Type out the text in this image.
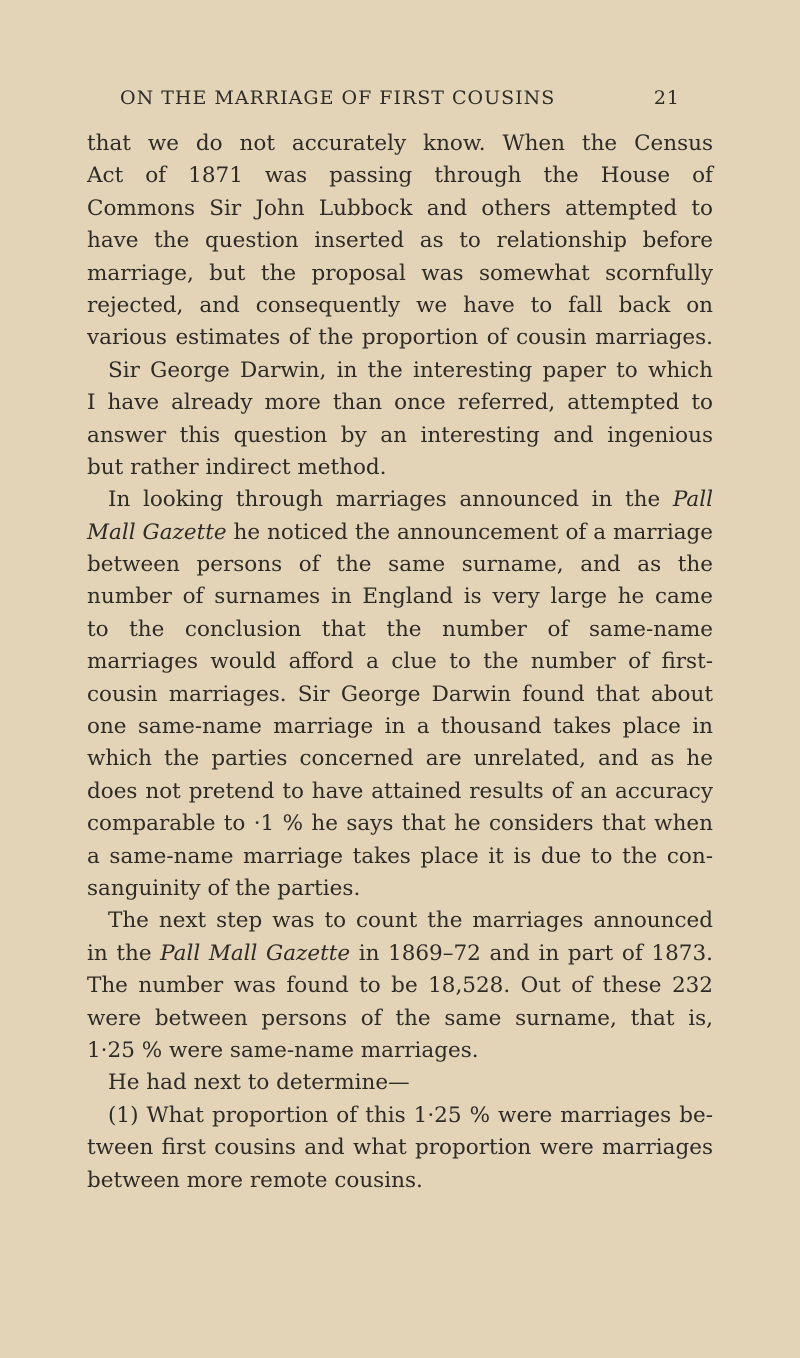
ON THE MARRIAGE OF FIRST COUSINS	21
that we do not accurately know. When the Census
Act of 1871 was passing through the House of
Commons Sir John Lubbock and others attempted to
have the question inserted as to relationship before
marriage, but the proposal was somewhat scornfully
rejected, and consequently we have to fall back on
various estimates of the proportion of cousin marriages.
Sir George Darwin, in the interesting paper to which
I have already more than once referred, attempted to
answer this question by an interesting and ingenious
but rather indirect method.
In looking through marriages announced in the Pall
Mall Gazette he noticed the announcement of a marriage
between persons of the same surname, and as the
number of surnames in England is very large he came
to the conclusion that the number of same-name
marriages would afford a clue to the number of first-
cousin marriages. Sir George Darwin found that about
one same-name marriage in a thousand takes place in
which the parties concerned are unrelated, and as he
does not pretend to have attained results of an accuracy
comparable to ·1 % he says that he considers that when
a same-name marriage takes place it is due to the con-
sanguinity of the parties.
The next step was to count the marriages announced
in the Pall Mall Gazette in 1869–72 and in part of 1873.
The number was found to be 18,528. Out of these 232
were between persons of the same surname, that is,
1·25 % were same-name marriages.
He had next to determine—
(1) What proportion of this 1·25 % were marriages be-
tween first cousins and what proportion were marriages
between more remote cousins.
